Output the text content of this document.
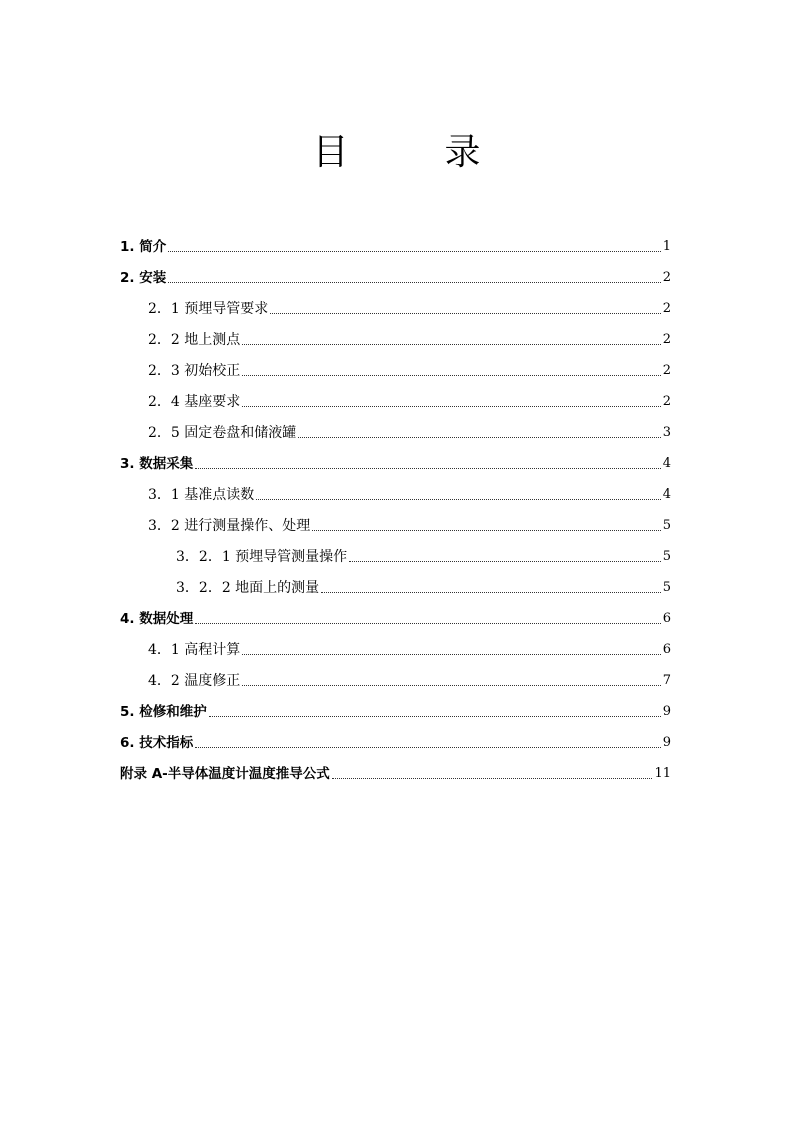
目　录
1. 简介	1
2. 安装	2
2．1 预埋导管要求	2
2．2 地上测点	2
2．3 初始校正	2
2．4 基座要求	2
2．5 固定卷盘和储液罐	3
3. 数据采集	4
3．1 基准点读数	4
3．2 进行测量操作、处理	5
3．2．1 预埋导管测量操作	5
3．2．2 地面上的测量	5
4. 数据处理	6
4．1 高程计算	6
4．2 温度修正	7
5. 检修和维护	9
6. 技术指标	9
附录 A-半导体温度计温度推导公式	11
